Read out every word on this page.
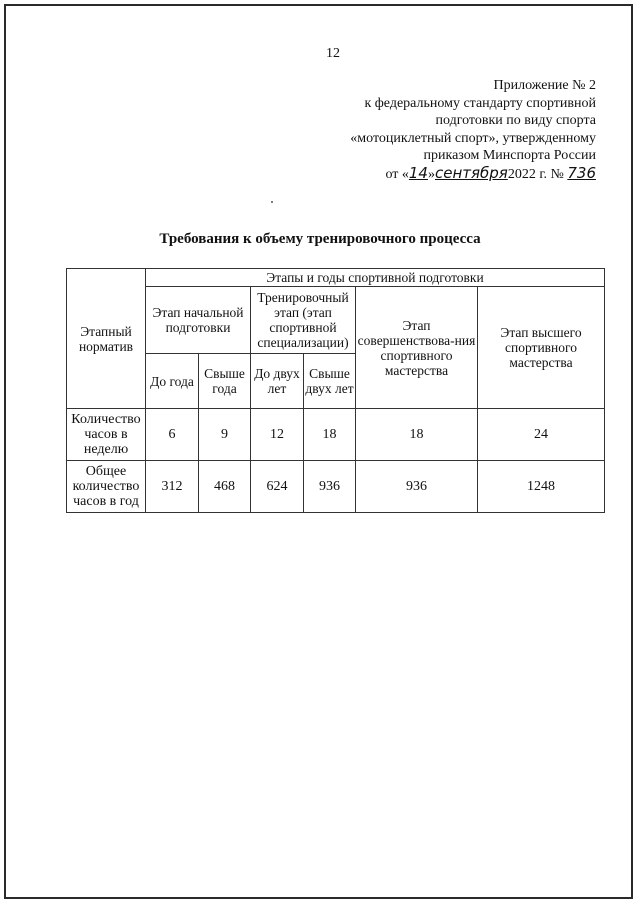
12
Приложение № 2
к федеральному стандарту спортивной
подготовки по виду спорта
«мотоциклетный спорт», утвержденному
приказом Минспорта России
от «14»сентября2022 г. № 736
Требования к объему тренировочного процесса
Этапный норматив	Этапы и годы спортивной подготовки					
	Этап начальной подготовки		Тренировочный этап (этап спортивной специализации)		Этап совершенствова-ния спортивного мастерства	Этап высшего спортивного мастерства
	До года	Свыше года	До двух лет	Свыше двух лет		
Количество часов в неделю	6	9	12	18	18	24
Общее количество часов в год	312	468	624	936	936	1248
